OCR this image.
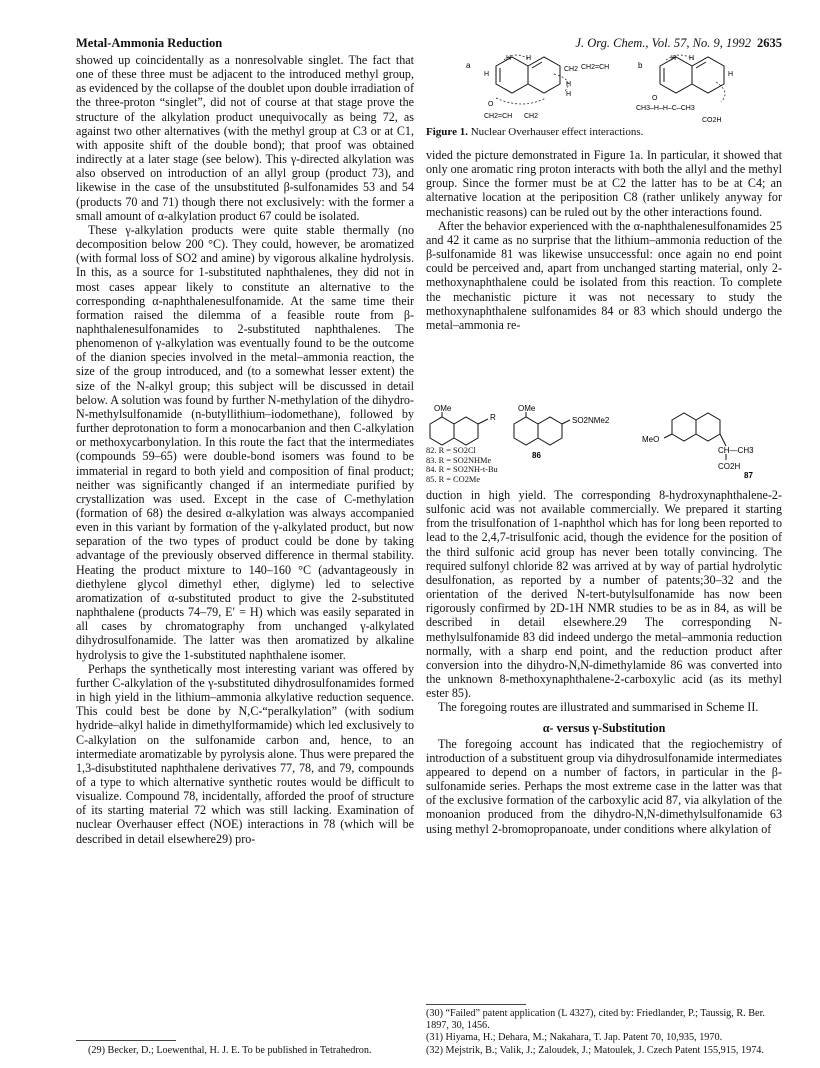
Metal-Ammonia Reduction	J. Org. Chem., Vol. 57, No. 9, 1992 2635

showed up coincidentally as a nonresolvable singlet. The fact that one of these three must be adjacent to the introduced methyl group, as evidenced by the collapse of the doublet upon double irradiation of the three-proton “singlet”, did not of course at that stage prove the structure of the alkylation product unequivocally as being 72, as against two other alternatives (with the methyl group at C3 or at C1, with apposite shift of the double bond); that proof was obtained indirectly at a later stage (see below). This γ-directed alkylation was also observed on introduction of an allyl group (product 73), and likewise in the case of the unsubstituted β-sulfonamides 53 and 54 (products 70 and 71) though there not exclusively: with the former a small amount of α-alkylation product 67 could be isolated.

These γ-alkylation products were quite stable thermally (no decomposition below 200 °C). They could, however, be aromatized (with formal loss of SO2 and amine) by vigorous alkaline hydrolysis. In this, as a source for 1-substituted naphthalenes, they did not in most cases appear likely to constitute an alternative to the corresponding α-naphthalenesulfonamide. At the same time their formation raised the dilemma of a feasible route from β-naphthalenesulfonamides to 2-substituted naphthalenes. The phenomenon of γ-alkylation was eventually found to be the outcome of the dianion species involved in the metal–ammonia reaction, the size of the group introduced, and (to a somewhat lesser extent) the size of the N-alkyl group; this subject will be discussed in detail below. A solution was found by further N-methylation of the dihydro-N-methylsulfonamide (n-butyllithium–iodomethane), followed by further deprotonation to form a monocarbanion and then C-alkylation or methoxycarbonylation. In this route the fact that the intermediates (compounds 59–65) were double-bond isomers was found to be immaterial in regard to both yield and composition of final product; neither was significantly changed if an intermediate purified by crystallization was used. Except in the case of C-methylation (formation of 68) the desired α-alkylation was always accompanied even in this variant by formation of the γ-alkylated product, but now separation of the two types of product could be done by taking advantage of the previously observed difference in thermal stability. Heating the product mixture to 140–160 °C (advantageously in diethylene glycol dimethyl ether, diglyme) led to selective aromatization of α-substituted product to give the 2-substituted naphthalene (products 74–79, E′ = H) which was easily separated in all cases by chromatography from unchanged γ-alkylated dihydrosulfonamide. The latter was then aromatized by alkaline hydrolysis to give the 1-substituted naphthalene isomer.

Perhaps the synthetically most interesting variant was offered by further C-alkylation of the γ-substituted dihydrosulfonamides formed in high yield in the lithium–ammonia alkylative reduction sequence. This could best be done by N,C-“peralkylation” (with sodium hydride–alkyl halide in dimethylformamide) which led exclusively to C-alkylation on the sulfonamide carbon and, hence, to an intermediate aromatizable by pyrolysis alone. Thus were prepared the 1,3-disubstituted naphthalene derivatives 77, 78, and 79, compounds of a type to which alternative synthetic routes would be difficult to visualize. Compound 78, incidentally, afforded the proof of structure of its starting material 72 which was still lacking. Examination of nuclear Overhauser effect (NOE) interactions in 78 (which will be described in detail elsewhere29) pro-

a
H H
H
CH2 CH2=CH
H
H
O
CH2=CH CH2
b
H H
H
O
CH3–H–H–C–CH3
CO2H
Figure 1. Nuclear Overhauser effect interactions.

vided the picture demonstrated in Figure 1a. In particular, it showed that only one aromatic ring proton interacts with both the allyl and the methyl group. Since the former must be at C2 the latter has to be at C4; an alternative location at the periposition C8 (rather unlikely anyway for mechanistic reasons) can be ruled out by the other interactions found.

After the behavior experienced with the α-naphthalenesulfonamides 25 and 42 it came as no surprise that the lithium–ammonia reduction of the β-sulfonamide 81 was likewise unsuccessful: once again no end point could be perceived and, apart from unchanged starting material, only 2-methoxynaphthalene could be isolated from this reaction. To complete the mechanistic picture it was not necessary to study the methoxynaphthalene sulfonamides 84 or 83 which should undergo the metal–ammonia re-

OMe
R
OMe
SO2NMe2
86
MeO
CH—CH3
CO2H
87
82. R = SO2Cl
83. R = SO2NHMe
84. R = SO2NH-t-Bu
85. R = CO2Me

duction in high yield. The corresponding 8-hydroxynaphthalene-2-sulfonic acid was not available commercially. We prepared it starting from the trisulfonation of 1-naphthol which has for long been reported to lead to the 2,4,7-trisulfonic acid, though the evidence for the position of the third sulfonic acid group has never been totally convincing. The required sulfonyl chloride 82 was arrived at by way of partial hydrolytic desulfonation, as reported by a number of patents;30–32 and the orientation of the derived N-tert-butylsulfonamide has now been rigorously confirmed by 2D-1H NMR studies to be as in 84, as will be described in detail elsewhere.29 The corresponding N-methylsulfonamide 83 did indeed undergo the metal–ammonia reduction normally, with a sharp end point, and the reduction product after conversion into the dihydro-N,N-dimethylamide 86 was converted into the unknown 8-methoxynaphthalene-2-carboxylic acid (as its methyl ester 85).

The foregoing routes are illustrated and summarised in Scheme II.

α- versus γ-Substitution

The foregoing account has indicated that the regiochemistry of introduction of a substituent group via dihydrosulfonamide intermediates appeared to depend on a number of factors, in particular in the β-sulfonamide series. Perhaps the most extreme case in the latter was that of the exclusive formation of the carboxylic acid 87, via alkylation of the monoanion produced from the dihydro-N,N-dimethylsulfonamide 63 using methyl 2-bromopropanoate, under conditions where alkylation of

(29) Becker, D.; Loewenthal, H. J. E. To be published in Tetrahedron.

(30) “Failed” patent application (L 4327), cited by: Friedlander, P.; Taussig, R. Ber. 1897, 30, 1456.

(31) Hiyama, H.; Dehara, M.; Nakahara, T. Jap. Patent 70, 10,935, 1970.

(32) Mejstrik, B.; Valik, J.; Zaloudek, J.; Matoulek, J. Czech Patent 155,915, 1974.
